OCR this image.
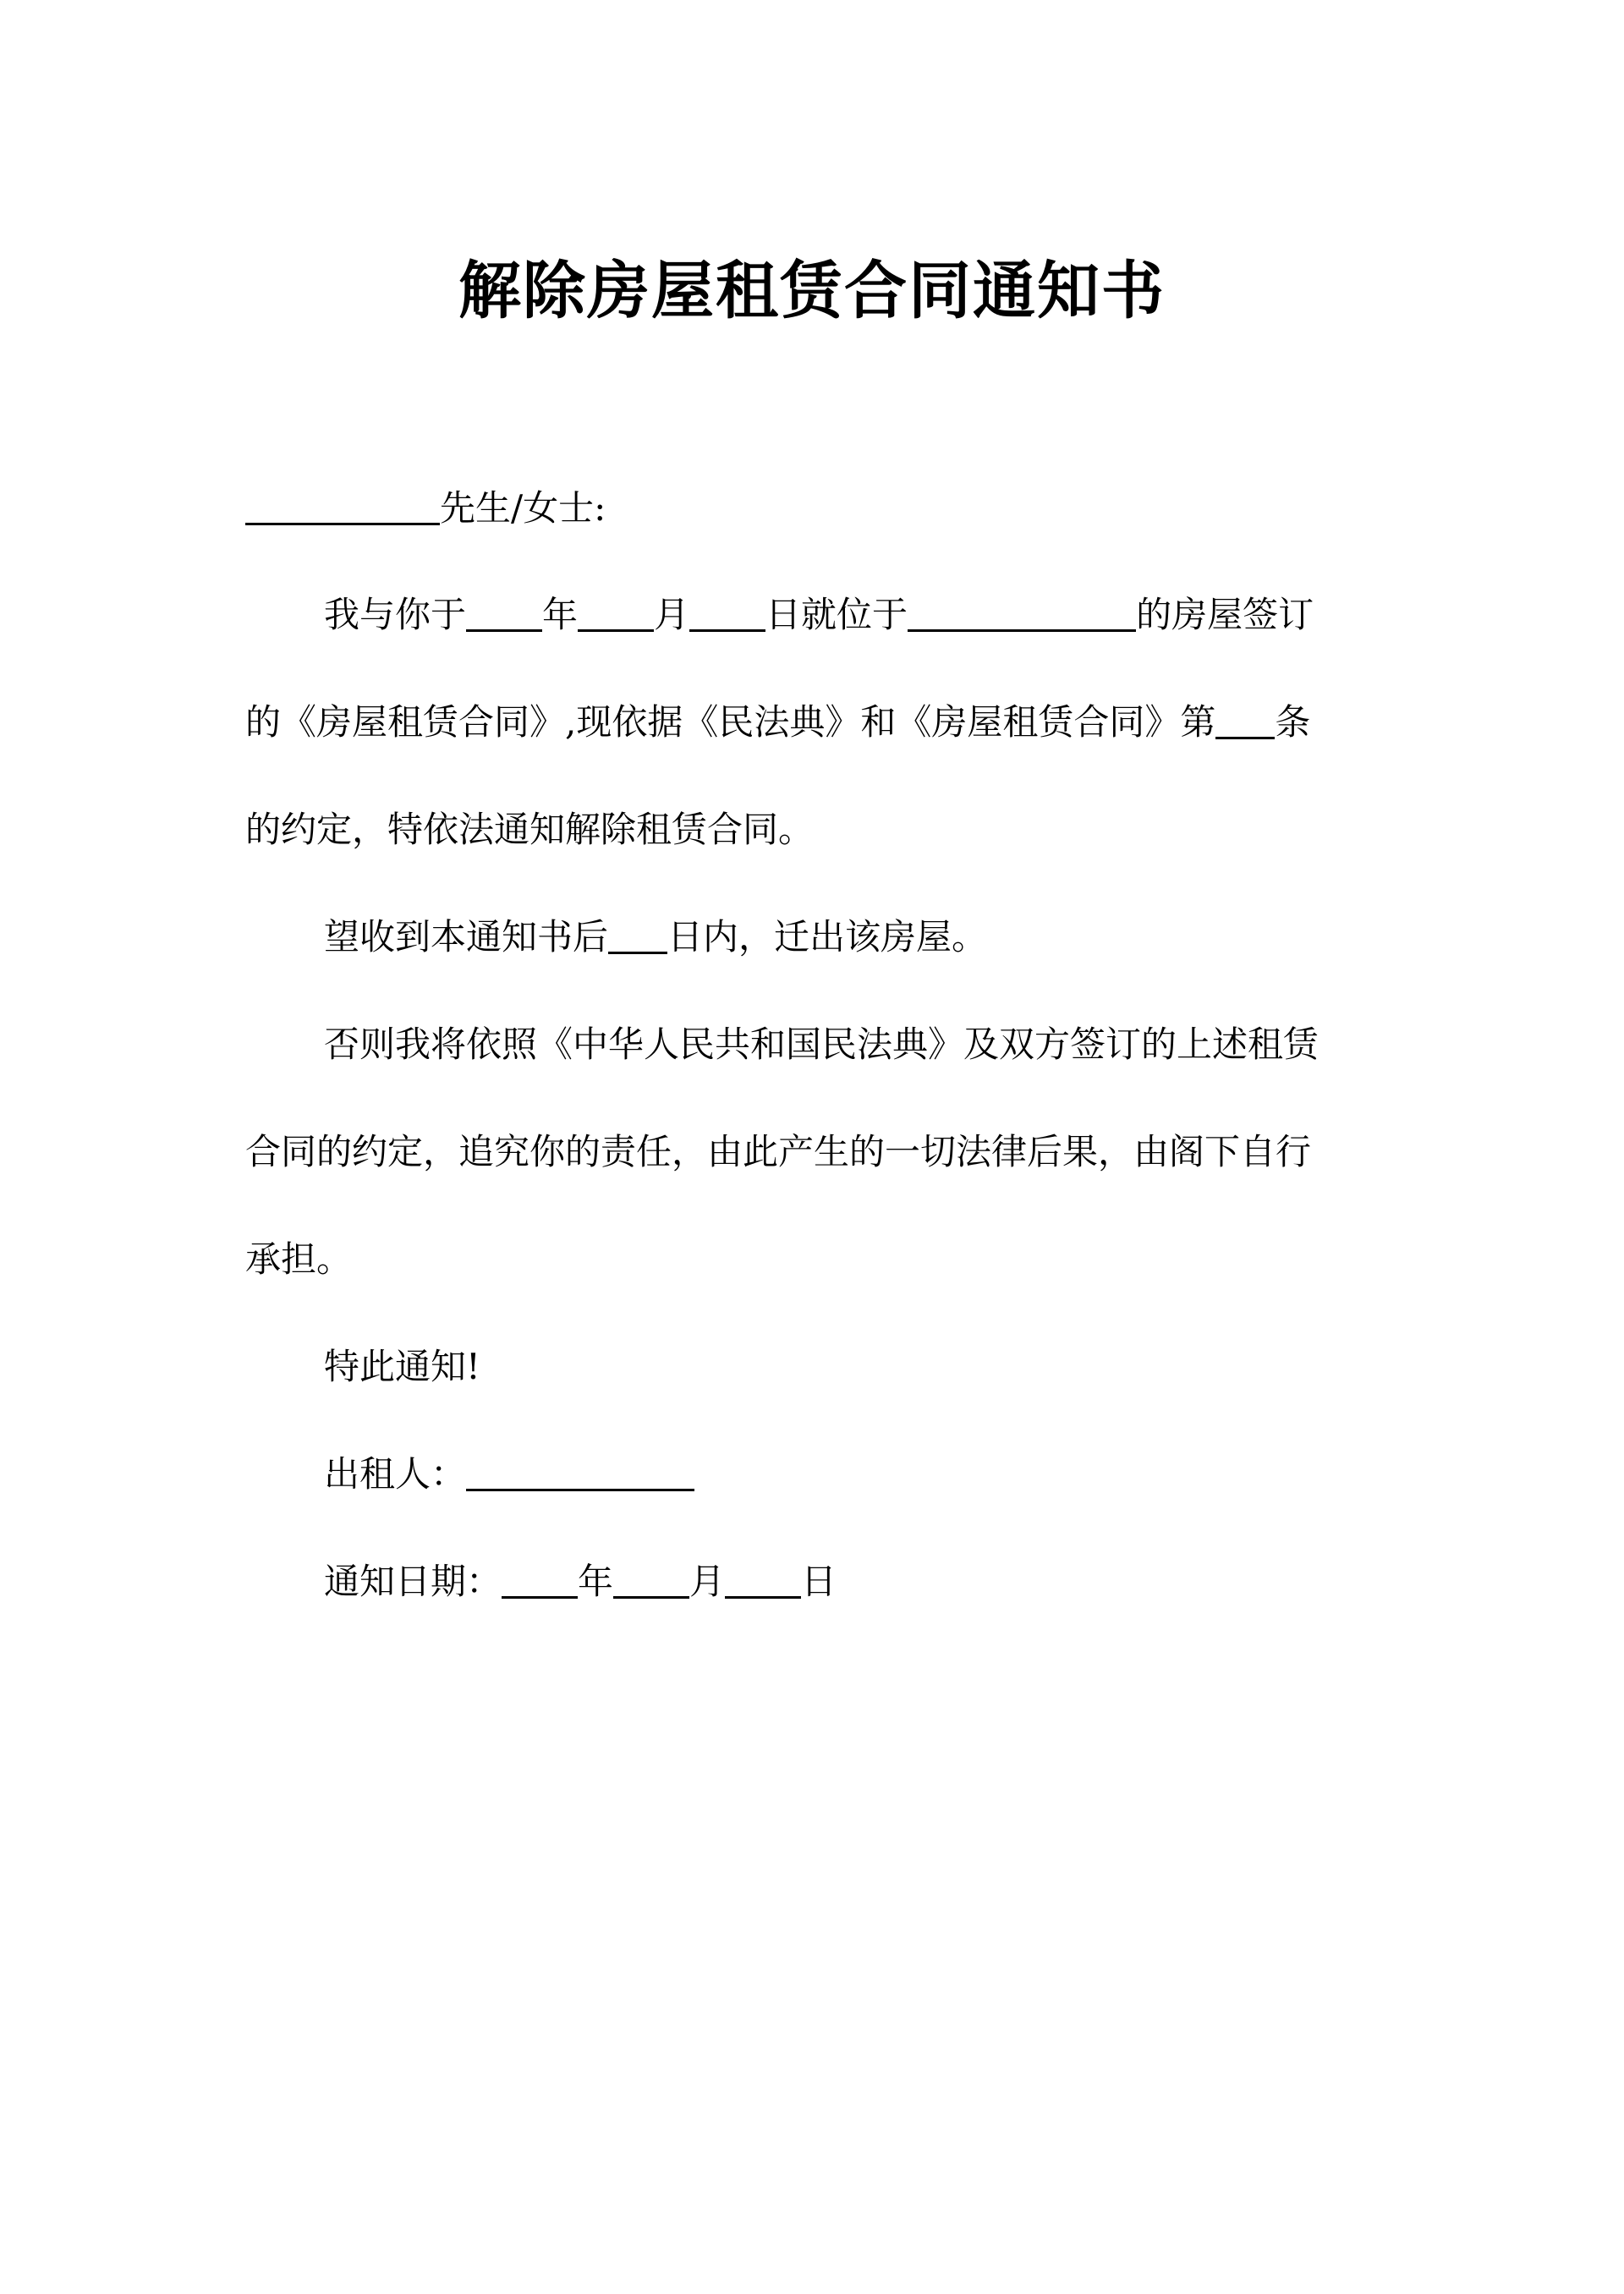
解除房屋租赁合同通知书
先生/女士:
我与你于 年 月 日就位于	的房屋签订
的《房屋租赁合同》,现依据《民法典》和《房屋租赁合同》第 条
的约定，特依法通知解除租赁合同。
望收到本通知书后 日内，迁出该房屋。
否则我将依照《中华人民共和国民法典》及双方签订的上述租赁
合同的约定，追究你的责任，由此产生的一切法律后果，由阁下自行
承担。
特此通知!
出租人：
通知日期： 年 月 日
